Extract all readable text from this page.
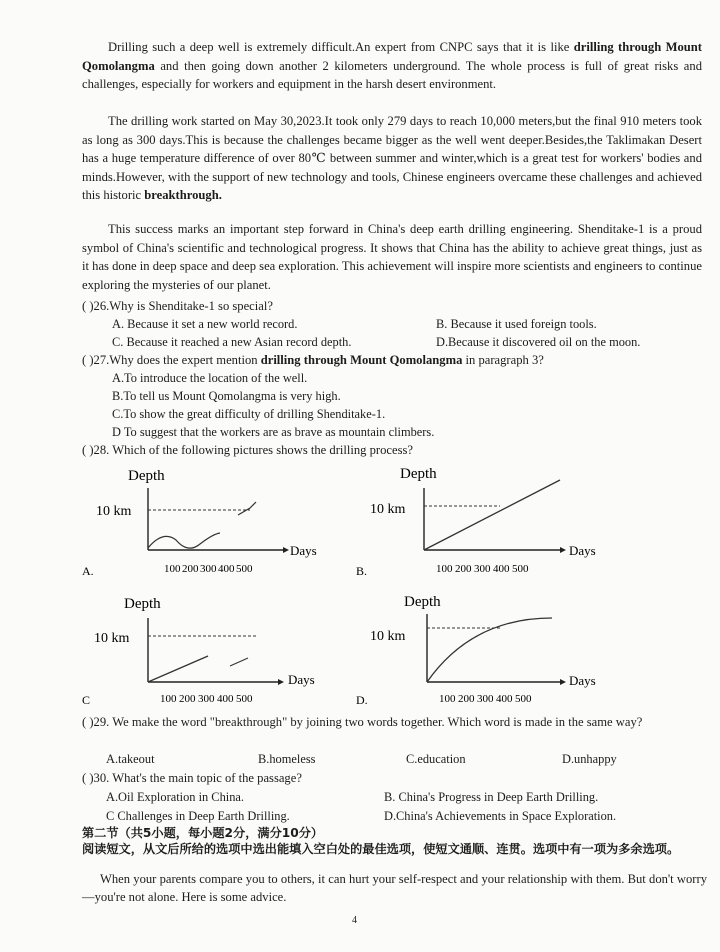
Drilling such a deep well is extremely difficult.An expert from CNPC says that it is like drilling through Mount Qomolangma and then going down another 2 kilometers underground. The whole process is full of great risks and challenges, especially for workers and equipment in the harsh desert environment.

The drilling work started on May 30,2023.It took only 279 days to reach 10,000 meters,but the final 910 meters took as long as 300 days.This is because the challenges became bigger as the well went deeper.Besides,the Taklimakan Desert has a huge temperature difference of over 80℃ between summer and winter,which is a great test for workers' bodies and minds.However, with the support of new technology and tools, Chinese engineers overcame these challenges and achieved this historic breakthrough.

This success marks an important step forward in China's deep earth drilling engineering. Shenditake-1 is a proud symbol of China's scientific and technological progress. It shows that China has the ability to achieve great things, just as it has done in deep space and deep sea exploration. This achievement will inspire more scientists and engineers to continue exploring the mysteries of our planet.

( )26.Why is Shenditake-1 so special?
A. Because it set a new world record.	B. Because it used foreign tools.
C. Because it reached a new Asian record depth.	D.Because it discovered oil on the moon.
( )27.Why does the expert mention drilling through Mount Qomolangma in paragraph 3?
A.To introduce the location of the well.
B.To tell us Mount Qomolangma is very high.
C.To show the great difficulty of drilling Shenditake-1.
D To suggest that the workers are as brave as mountain climbers.
( )28. Which of the following pictures shows the drilling process?
A.
Depth
10 km
Days
100 200 300 400 500	B.
Depth
10 km
Days
100 200 300 400 500
C
Depth
10 km
Days
100 200 300 400 500	D.
Depth
10 km
Days
100 200 300 400 500
( )29. We make the word "breakthrough" by joining two words together. Which word is made in the same way?
A.takeout	B.homeless	C.education	D.unhappy
( )30. What's the main topic of the passage?
A.Oil Exploration in China.	B. China's Progress in Deep Earth Drilling.
C Challenges in Deep Earth Drilling.	D.China's Achievements in Space Exploration.
第二节（共5小题，每小题2分，满分10分）
阅读短文，从文后所给的选项中选出能填入空白处的最佳选项，使短文通顺、连贯。选项中有一项为多余选项。

When your parents compare you to others, it can hurt your self-respect and your relationship with them. But don't worry—you're not alone. Here is some advice.

4
